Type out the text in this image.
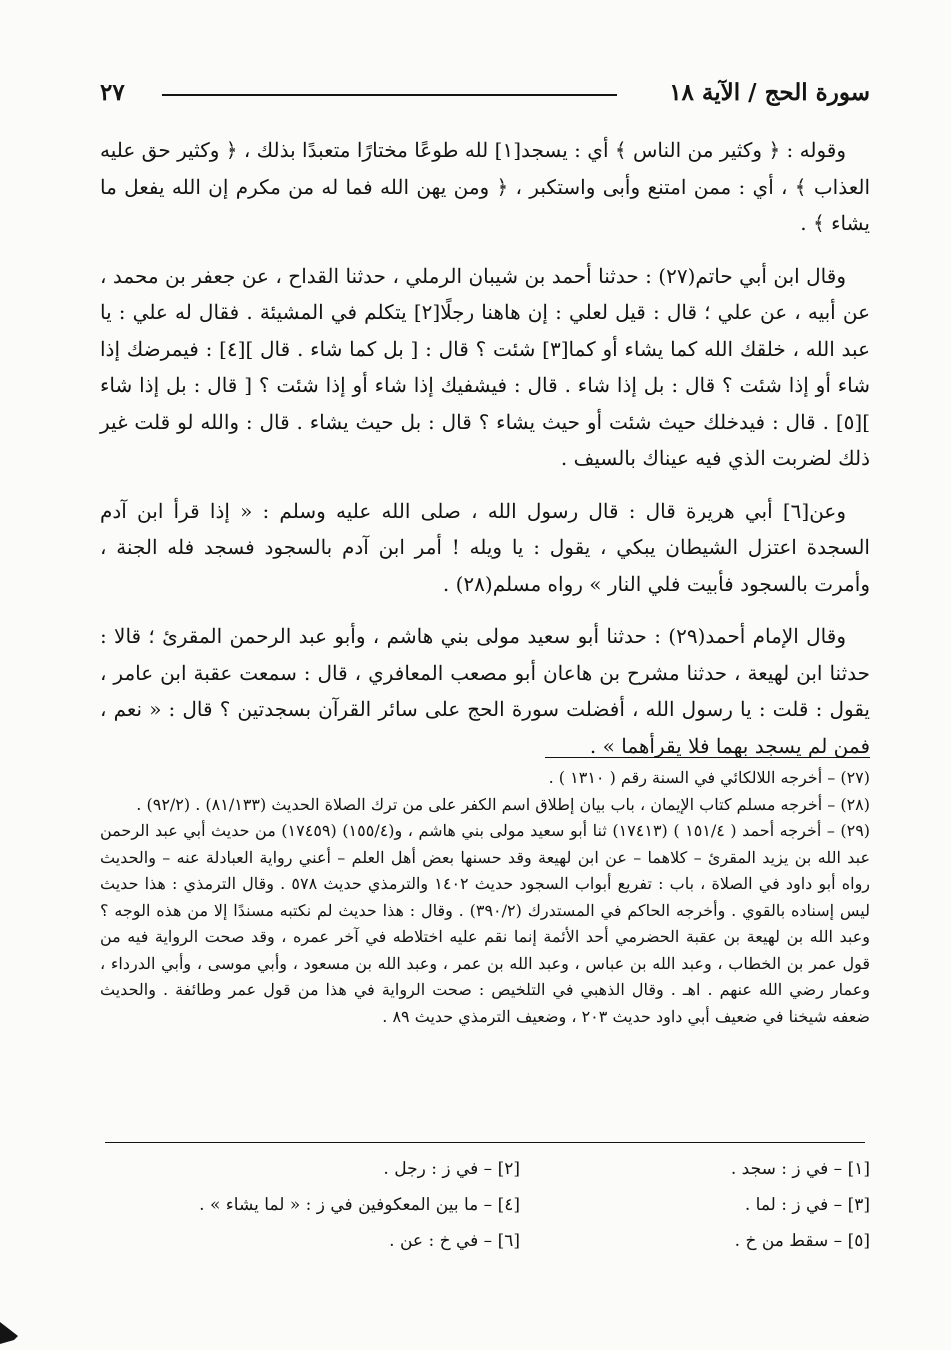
سورة الحج / الآية ١٨
٢٧

وقوله : ﴿ وكثير من الناس ﴾ أي : يسجد[١] لله طوعًا مختارًا متعبدًا بذلك ، ﴿ وكثير حق عليه العذاب ﴾ ، أي : ممن امتنع وأبى واستكبر ، ﴿ ومن يهن الله فما له من مكرم إن الله يفعل ما يشاء ﴾ .

وقال ابن أبي حاتم(٢٧) : حدثنا أحمد بن شيبان الرملي ، حدثنا القداح ، عن جعفر بن محمد ، عن أبيه ، عن علي ؛ قال : قيل لعلي : إن هاهنا رجلًا[٢] يتكلم في المشيئة . فقال له علي : يا عبد الله ، خلقك الله كما يشاء أو كما[٣] شئت ؟ قال : [ بل كما شاء . قال ][٤] : فيمرضك إذا شاء أو إذا شئت ؟ قال : بل إذا شاء . قال : فيشفيك إذا شاء أو إذا شئت ؟ [ قال : بل إذا شاء ][٥] . قال : فيدخلك حيث شئت أو حيث يشاء ؟ قال : بل حيث يشاء . قال : والله لو قلت غير ذلك لضربت الذي فيه عيناك بالسيف .

وعن[٦] أبي هريرة قال : قال رسول الله ، صلى الله عليه وسلم : « إذا قرأ ابن آدم السجدة اعتزل الشيطان يبكي ، يقول : يا ويله ! أمر ابن آدم بالسجود فسجد فله الجنة ، وأمرت بالسجود فأبيت فلي النار » رواه مسلم(٢٨) .

وقال الإمام أحمد(٢٩) : حدثنا أبو سعيد مولى بني هاشم ، وأبو عبد الرحمن المقرئ ؛ قالا : حدثنا ابن لهيعة ، حدثنا مشرح بن هاعان أبو مصعب المعافري ، قال : سمعت عقبة ابن عامر ، يقول : قلت : يا رسول الله ، أفضلت سورة الحج على سائر القرآن بسجدتين ؟ قال : « نعم ، فمن لم يسجد بهما فلا يقرأهما » .

(٢٧) – أخرجه اللالكائي في السنة رقم ( ١٣١٠ ) .

(٢٨) – أخرجه مسلم كتاب الإيمان ، باب بيان إطلاق اسم الكفر على من ترك الصلاة الحديث (٨١/١٣٣) . (٩٢/٢) .

(٢٩) – أخرجه أحمد ( ١٥١/٤ ) (١٧٤١٣) ثنا أبو سعيد مولى بني هاشم ، و(١٥٥/٤) (١٧٤٥٩) من حديث أبي عبد الرحمن عبد الله بن يزيد المقرئ – كلاهما – عن ابن لهيعة وقد حسنها بعض أهل العلم – أعني رواية العبادلة عنه – والحديث رواه أبو داود في الصلاة ، باب : تفريع أبواب السجود حديث ١٤٠٢ والترمذي حديث ٥٧٨ . وقال الترمذي : هذا حديث ليس إسناده بالقوي . وأخرجه الحاكم في المستدرك (٣٩٠/٢) . وقال : هذا حديث لم نكتبه مسندًا إلا من هذه الوجه ؟ وعبد الله بن لهيعة بن عقبة الحضرمي أحد الأئمة إنما نقم عليه اختلاطه في آخر عمره ، وقد صحت الرواية فيه من قول عمر بن الخطاب ، وعبد الله بن عباس ، وعبد الله بن عمر ، وعبد الله بن مسعود ، وأبي موسى ، وأبي الدرداء ، وعمار رضي الله عنهم . اهـ . وقال الذهبي في التلخيص : صحت الرواية في هذا من قول عمر وطائفة . والحديث ضعفه شيخنا في ضعيف أبي داود حديث ٢٠٣ ، وضعيف الترمذي حديث ٨٩ .

[١] – في ز : سجد .
[٢] – في ز : رجل .
[٣] – في ز : لما .
[٤] – ما بين المعكوفين في ز : « لما يشاء » .
[٥] – سقط من خ .
[٦] – في خ : عن .
